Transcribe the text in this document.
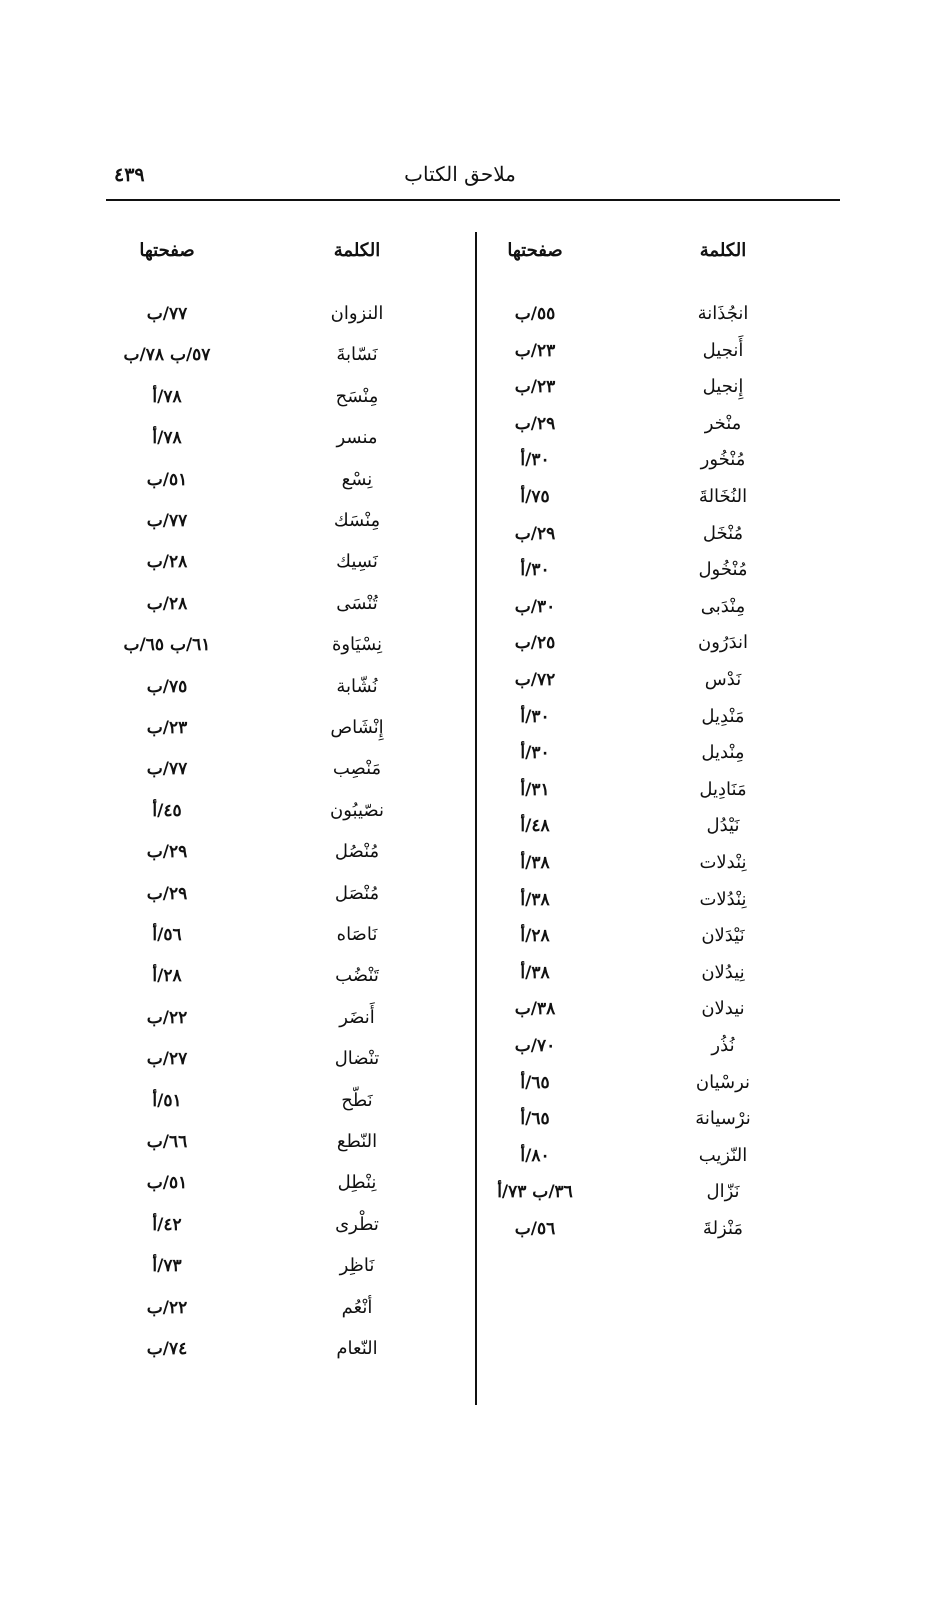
ملاحق الكتاب
٤٣٩
الكلمة
صفحتها
الكلمة
صفحتها
انجُذَانة
٥٥/ب
أَنجيل
٢٣/ب
إِنجيل
٢٣/ب
منْخر
٢٩/ب
مُنْخُور
٣٠/أ
النُخَالةَ
٧٥/أ
مُنْخَل
٢٩/ب
مُنْخُول
٣٠/أ
مِنْدَبى
٣٠/ب
اندَرُون
٢٥/ب
نَدْس
٧٢/ب
مَنْدِيل
٣٠/أ
مِنْديل
٣٠/أ
مَنَادِيل
٣١/أ
نَيْدُل
٤٨/أ
نِنْدلات
٣٨/أ
نِنْدُلات
٣٨/أ
نَيْدَلان
٢٨/أ
نِيدُلان
٣٨/أ
نيدلان
٣٨/ب
نُذُر
٧٠/ب
نرسْيان
٦٥/أ
نرْسيانهَ
٦٥/أ
النّزيب
٨٠/أ
نَزّال
٣٦/ب ٧٣/أ
مَنْزلةَ
٥٦/ب
النزوان
٧٧/ب
نَسّابةَ
٥٧/ب ٧٨/ب
مِنْسَح
٧٨/أ
منسر
٧٨/أ
نِسْع
٥١/ب
مِنْسَك
٧٧/ب
نَسِيك
٢٨/ب
تُنْسَى
٢٨/ب
نِسْيَاوة
٦١/ب ٦٥/ب
نُشّابة
٧٥/ب
إِنْشَاص
٢٣/ب
مَنْصِب
٧٧/ب
نصّيبُون
٤٥/أ
مُنْصُل
٢٩/ب
مُنْصَل
٢٩/ب
نَاصَاه
٥٦/أ
تَنْضُب
٢٨/أ
أَنضَر
٢٢/ب
تنْضال
٢٧/ب
نَطّح
٥١/أ
النّطع
٦٦/ب
نِنْطِل
٥١/ب
تطْرى
٤٢/أ
نَاظِر
٧٣/أ
أنْعُم
٢٢/ب
النّعام
٧٤/ب
